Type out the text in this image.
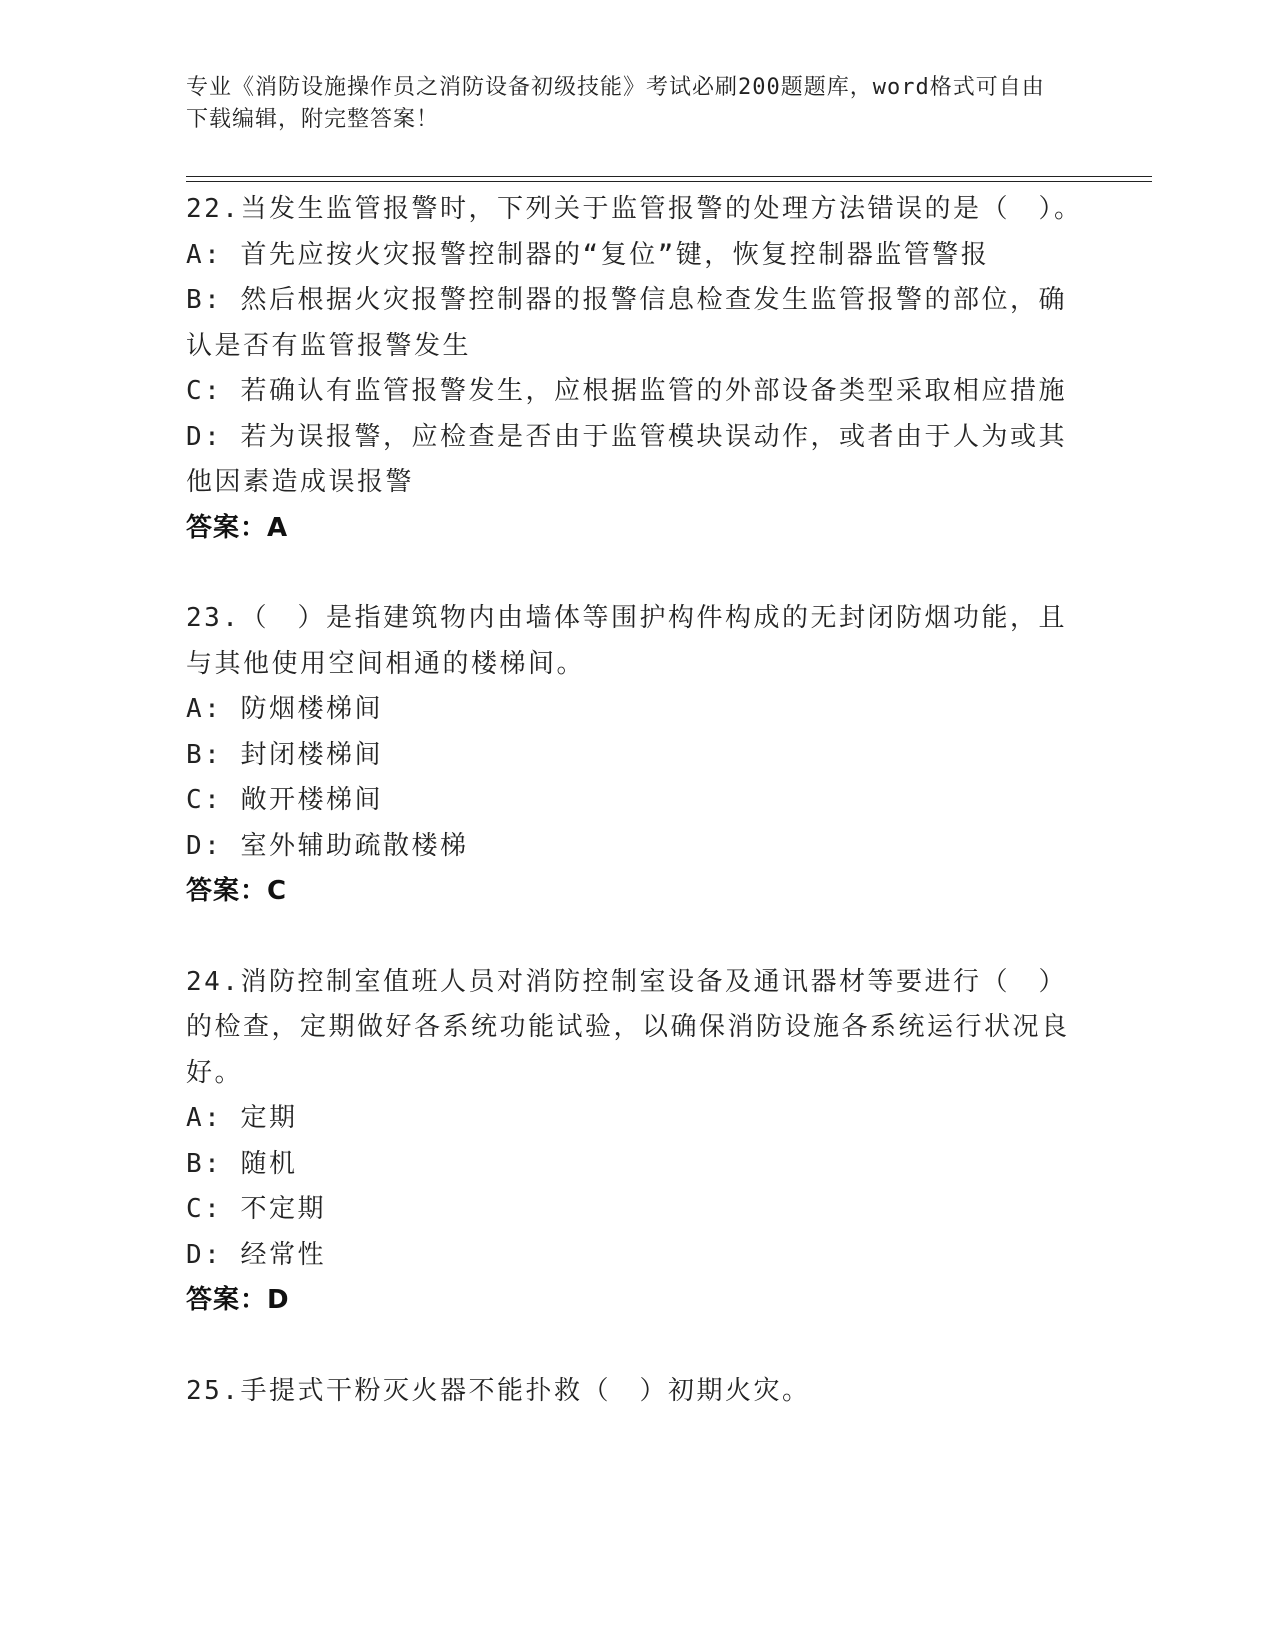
专业《消防设施操作员之消防设备初级技能》考试必刷200题题库，word格式可自由下载编辑，附完整答案！

22.当发生监管报警时，下列关于监管报警的处理方法错误的是（　）。

A: 首先应按火灾报警控制器的“复位”键，恢复控制器监管警报

B: 然后根据火灾报警控制器的报警信息检查发生监管报警的部位，确认是否有监管报警发生

C: 若确认有监管报警发生，应根据监管的外部设备类型采取相应措施

D: 若为误报警，应检查是否由于监管模块误动作，或者由于人为或其他因素造成误报警

答案：A

23.（　）是指建筑物内由墙体等围护构件构成的无封闭防烟功能，且与其他使用空间相通的楼梯间。

A: 防烟楼梯间

B: 封闭楼梯间

C: 敞开楼梯间

D: 室外辅助疏散楼梯

答案：C

24.消防控制室值班人员对消防控制室设备及通讯器材等要进行（　）的检查，定期做好各系统功能试验，以确保消防设施各系统运行状况良好。

A: 定期

B: 随机

C: 不定期

D: 经常性

答案：D

25.手提式干粉灭火器不能扑救（　）初期火灾。
